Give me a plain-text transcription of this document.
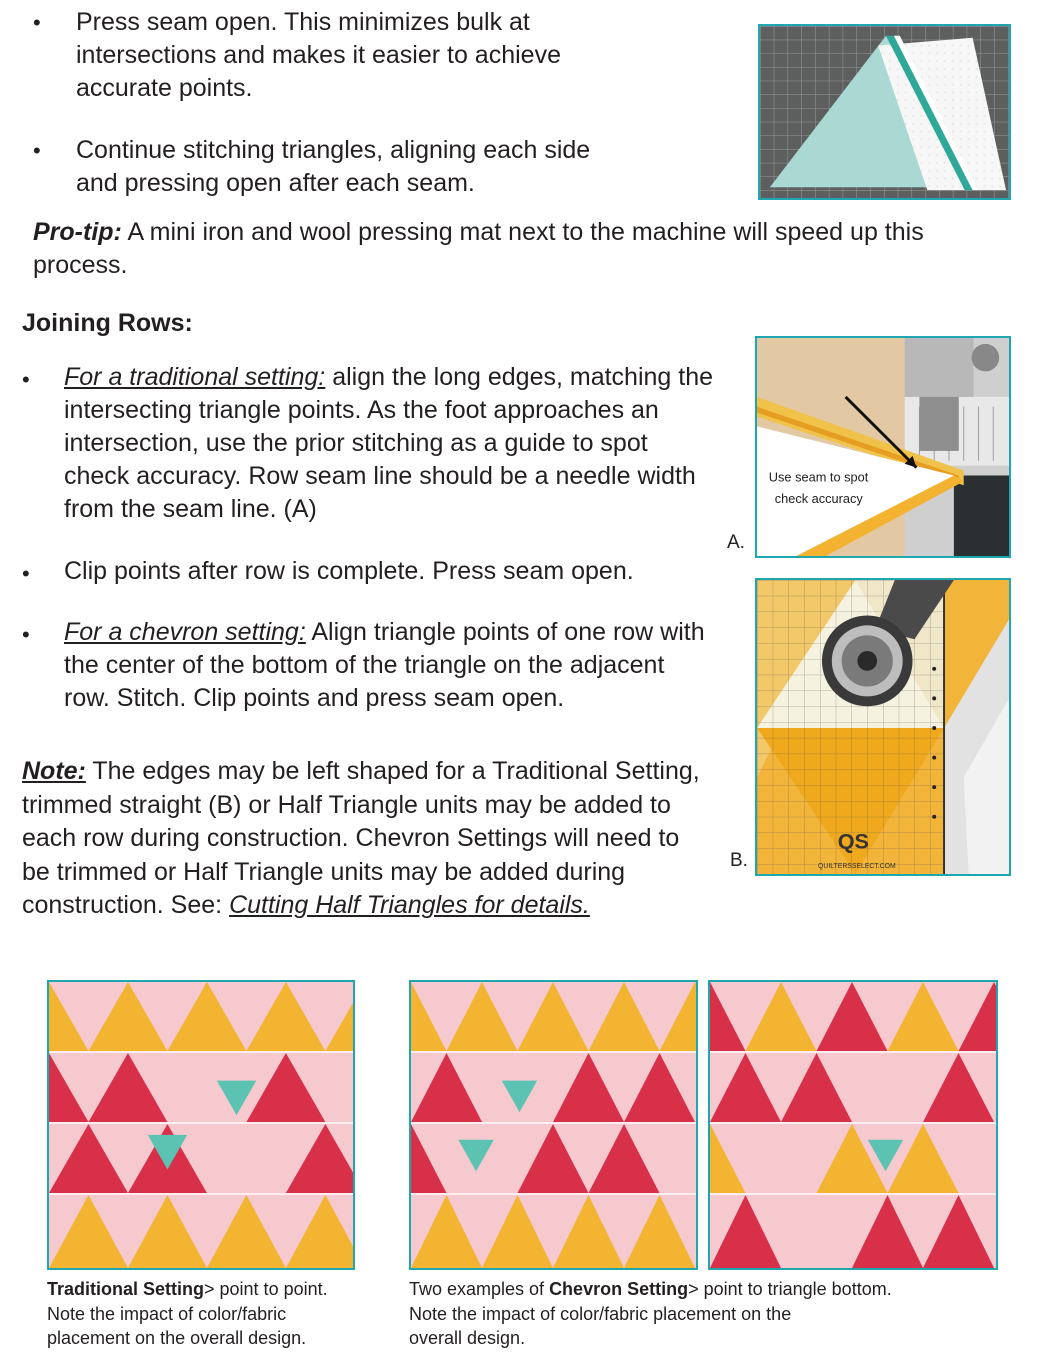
• Press seam open. This minimizes bulk at intersections and makes it easier to achieve accurate points.

• Continue stitching triangles, aligning each side and pressing open after each seam.

Pro-tip: A mini iron and wool pressing mat next to the machine will speed up this process.

Joining Rows:
• For a traditional setting: align the long edges, matching the intersecting triangle points. As the foot approaches an intersection, use the prior stitching as a guide to spot check accuracy. Row seam line should be a needle width from the seam line. (A)

• Clip points after row is complete. Press seam open.

• For a chevron setting: Align triangle points of one row with the center of the bottom of the triangle on the adjacent row. Stitch. Clip points and press seam open.

Note: The edges may be left shaped for a Traditional Setting, trimmed straight (B) or Half Triangle units may be added to each row during construction. Chevron Settings will need to be trimmed or Half Triangle units may be added during construction. See: Cutting Half Triangles for details.

Use seam to spot
check accuracy
A.
QS
QUILTERSSELECT.COM
B.
Traditional Setting> point to point.
Note the impact of color/fabric
placement on the overall design.
Two examples of Chevron Setting> point to triangle bottom.
Note the impact of color/fabric placement on the
overall design.
